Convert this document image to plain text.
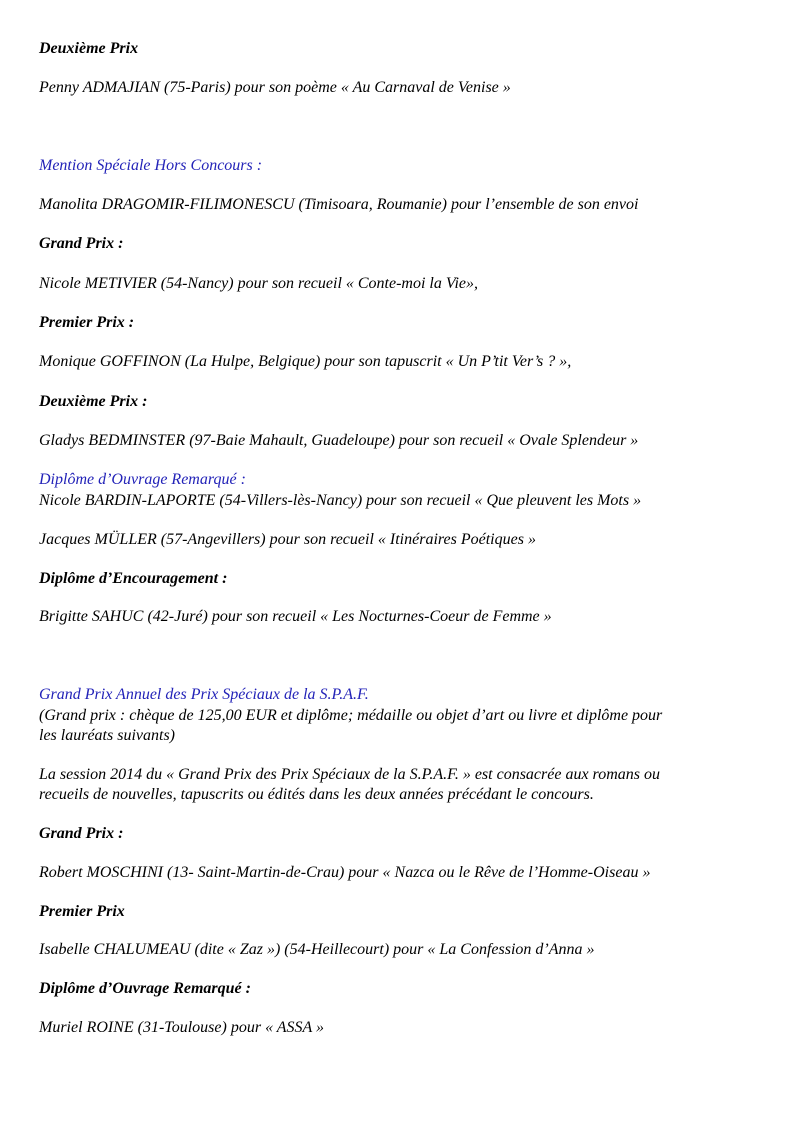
Deuxième Prix

Penny ADMAJIAN (75-Paris) pour son poème « Au Carnaval de Venise »

Mention Spéciale Hors Concours :

Manolita DRAGOMIR-FILIMONESCU (Timisoara, Roumanie) pour l’ensemble de son envoi

Grand Prix :

Nicole METIVIER (54-Nancy) pour son recueil « Conte-moi la Vie»,

Premier Prix :

Monique GOFFINON (La Hulpe, Belgique) pour son tapuscrit « Un P’tit Ver’s ? »,

Deuxième Prix :

Gladys BEDMINSTER (97-Baie Mahault, Guadeloupe) pour son recueil « Ovale Splendeur »

Diplôme d’Ouvrage Remarqué :

Nicole BARDIN-LAPORTE (54-Villers-lès-Nancy) pour son recueil « Que pleuvent les Mots »

Jacques MÜLLER (57-Angevillers) pour son recueil « Itinéraires Poétiques »

Diplôme d’Encouragement :

Brigitte SAHUC (42-Juré) pour son recueil « Les Nocturnes-Coeur de Femme »

Grand Prix Annuel des Prix Spéciaux de la S.P.A.F.

(Grand prix : chèque de 125,00 EUR et diplôme; médaille ou objet d’art ou livre et diplôme pour
les lauréats suivants)
La session 2014 du « Grand Prix des Prix Spéciaux de la S.P.A.F. » est consacrée aux romans ou
recueils de nouvelles, tapuscrits ou édités dans les deux années précédant le concours.

Grand Prix :

Robert MOSCHINI (13- Saint-Martin-de-Crau) pour « Nazca ou le Rêve de l’Homme-Oiseau »

Premier Prix

Isabelle CHALUMEAU (dite « Zaz ») (54-Heillecourt) pour « La Confession d’Anna »

Diplôme d’Ouvrage Remarqué :

Muriel ROINE (31-Toulouse) pour « ASSA »
